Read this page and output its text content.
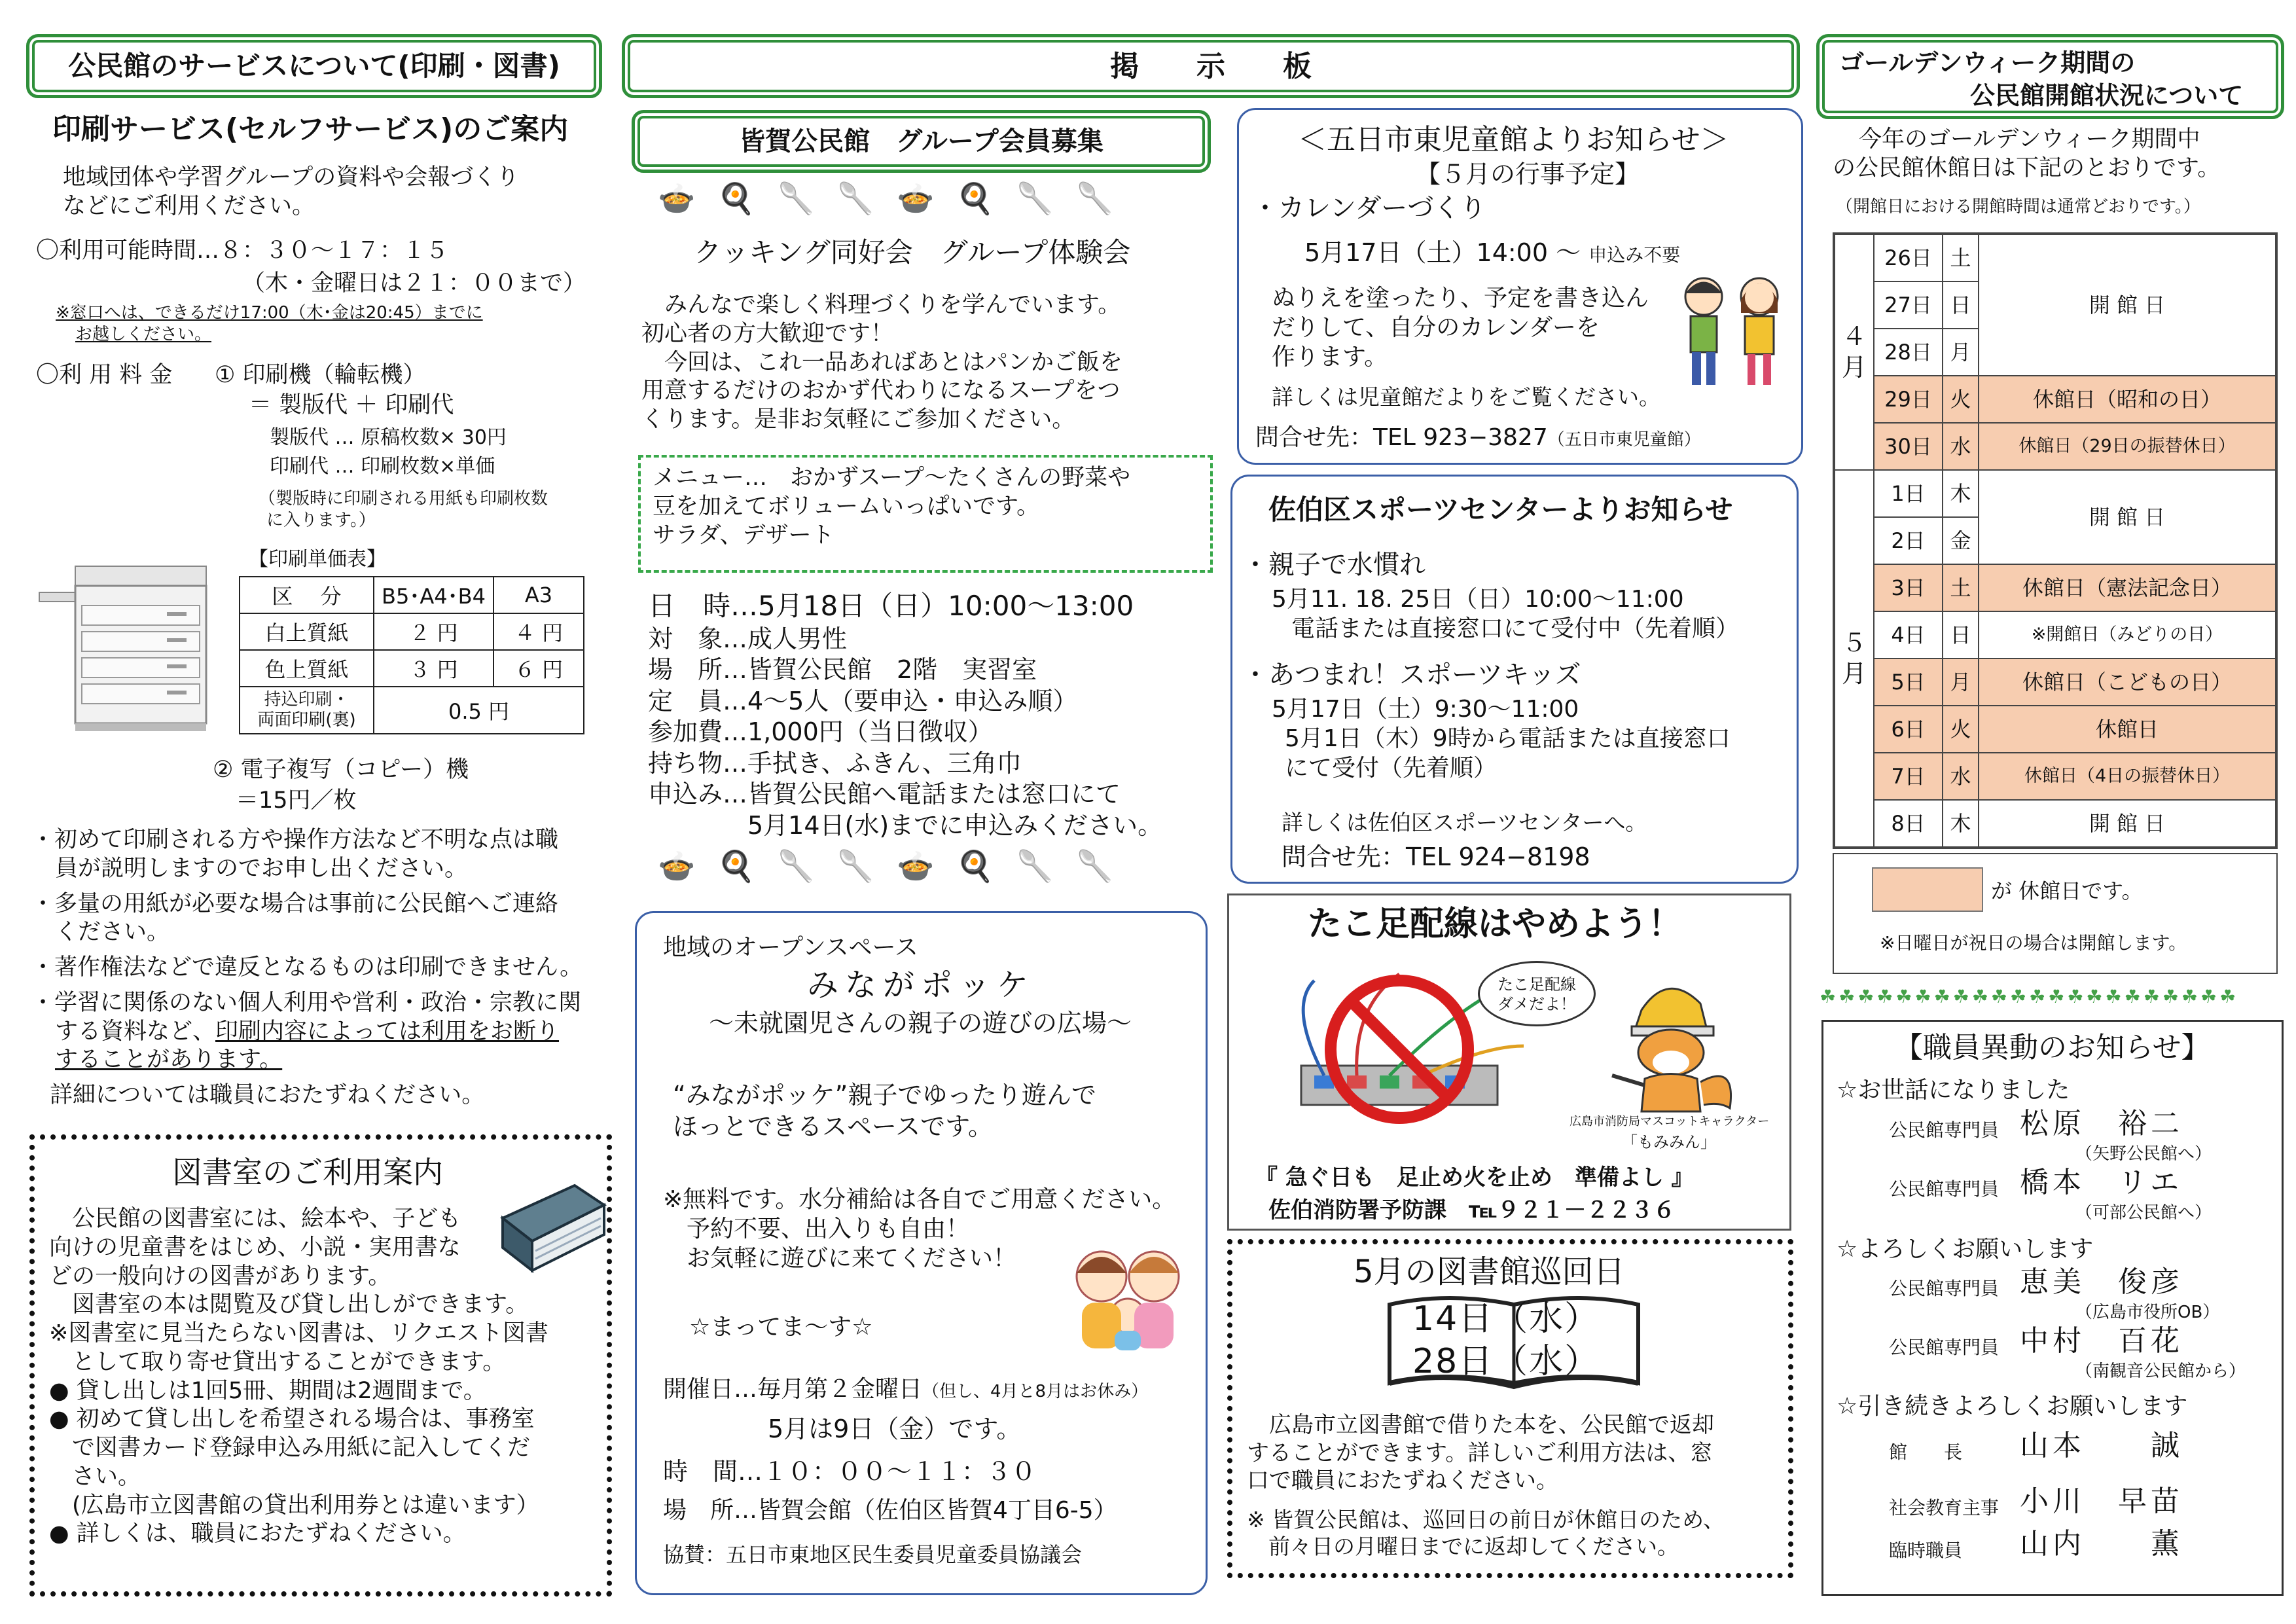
公民館のサービスについて(印刷・図書)
印刷サービス(セルフサービス)のご案内

地域団体や学習グループの資料や会報づくり

などにご利用ください。

〇利用可能時間…８：３０～１７：１５
（木・金曜日は２１：００まで）

※窓口へは、できるだけ17:00（木･金は20:45）までに

お越しください。

〇利 用 料 金 ① 印刷機（輪転機）
＝ 製版代 ＋ 印刷代
製版代 … 原稿枚数× 30円
印刷代 … 印刷枚数×単価

（製版時に印刷される用紙も印刷枚数

に入ります。）

【印刷単価表】
区　 分	B5･A4･B4	A3
白上質紙	２ 円	４ 円
色上質紙	３ 円	６ 円
持込印刷・
両面印刷(裏)	0.5 円	
② 電子複写（コピー）機
＝15円／枚

・初めて印刷される方や操作方法など不明な点は職

員が説明しますのでお申し出ください。

・多量の用紙が必要な場合は事前に公民館へご連絡

ください。

・著作権法などで違反となるものは印刷できません。

・学習に関係のない個人利用や営利・政治・宗教に関

する資料など、印刷内容によっては利用をお断り

することがあります。

詳細については職員におたずねください。

図書室のご利用案内

　公民館の図書室には、絵本や、子ども

向けの児童書をはじめ、小説・実用書な

どの一般向けの図書があります。

　図書室の本は閲覧及び貸し出しができます。

※図書室に見当たらない図書は、リクエスト図書

　として取り寄せ貸出することができます。

● 貸し出しは1回5冊、期間は2週間まで。

● 初めて貸し出しを希望される場合は、事務室

　で図書カード登録申込み用紙に記入してくだ

　さい。

　(広島市立図書館の貸出利用券とは違います）

● 詳しくは、職員におたずねください。

掲　　示　　板
皆賀公民館　グループ会員募集
🍲 🍳 🥄 🥄 🍲 🍳 🥄 🥄
クッキング同好会　グループ体験会

　みんなで楽しく料理づくりを学んでいます。

初心者の方大歓迎です！

　今回は、これ一品あればあとはパンかご飯を

用意するだけのおかず代わりになるスープをつ

くります。是非お気軽にご参加ください。

メニュー…　おかずスープ～たくさんの野菜や

豆を加えてボリュームいっぱいです。

サラダ、デザート

日　時…5月18日（日）10:00～13:00

対　象…成人男性

場　所…皆賀公民館　2階　実習室

定　員…4～5人（要申込・申込み順）

参加費…1,000円（当日徴収）

持ち物…手拭き、ふきん、三角巾

申込み…皆賀公民館へ電話または窓口にて

　　　　5月14日(水)までに申込みください。

🍲 🍳 🥄 🥄 🍲 🍳 🥄 🥄
地域のオープンスペース
みながポッケ
～未就園児さんの親子の遊びの広場～

“みながポッケ”親子でゆったり遊んで

ほっとできるスペースです。

※無料です。水分補給は各自でご用意ください。

　予約不要、出入りも自由！

　お気軽に遊びに来てください！

☆まってま～す☆
開催日…毎月第２金曜日（但し、4月と8月はお休み）
5月は9日（金）です。
時　間…１０：００～１１：３０
場　所…皆賀会館（佐伯区皆賀4丁目6-5）
協賛：五日市東地区民生委員児童委員協議会
＜五日市東児童館よりお知らせ＞
【５月の行事予定】
・カレンダーづくり
5月17日（土）14:00 ～ 申込み不要

ぬりえを塗ったり、予定を書き込ん

だりして、自分のカレンダーを

作ります。

詳しくは児童館だよりをご覧ください。
問合せ先：TEL 923−3827（五日市東児童館）
佐伯区スポーツセンターよりお知らせ
・親子で水慣れ

5月11. 18. 25日（日）10:00～11:00

電話または直接窓口にて受付中（先着順）

・あつまれ！スポーツキッズ

5月17日（土）9:30～11:00

5月1日（木）9時から電話または直接窓口

にて受付（先着順）

詳しくは佐伯区スポーツセンターへ。
問合せ先：TEL 924−8198
たこ足配線はやめよう！

たこ足配線

ダメだよ！

広島市消防局マスコットキャラクター
「もみみん」
『 急ぐ日も　足止め火を止め　準備よし 』
佐伯消防署予防課　℡９２１－２２３６
5月の図書館巡回日

14日（水）

28日（水）

　広島市立図書館で借りた本を、公民館で返却

することができます。詳しいご利用方法は、窓

口で職員におたずねください。

※ 皆賀公民館は、巡回日の前日が休館日のため、

　前々日の月曜日までに返却してください。

ゴールデンウィーク期間の
公民館開館状況について

今年のゴールデンウィーク期間中

の公民館休館日は下記のとおりです。

（開館日における開館時間は通常どおりです。）
４
月	26日	土	開 館 日
	27日	日	
	28日	月	
	29日	火	休館日（昭和の日）
	30日	水	休館日（29日の振替休日）

５
月	1日	木	開 館 日
	2日	金	
	3日	土	休館日（憲法記念日）
	4日	日	※開館日（みどりの日）
	5日	月	休館日（こどもの日）
	6日	火	休館日
	7日	水	休館日（4日の振替休日）
	8日	木	開 館 日
が 休館日です。
※日曜日が祝日の場合は開館します。
☘☘☘☘☘☘☘☘☘☘☘☘☘☘☘☘☘☘☘☘☘☘
【職員異動のお知らせ】
☆お世話になりました
公民館専門員 松原　裕二
（矢野公民館へ）
公民館専門員 橋本　リエ
（可部公民館へ）
☆よろしくお願いします
公民館専門員 恵美　俊彦
（広島市役所OB）
公民館専門員 中村　百花
（南観音公民館から）
☆引き続きよろしくお願いします
館　　長	山本　　誠
社会教育主事 小川　早苗
臨時職員	山内　　薫
